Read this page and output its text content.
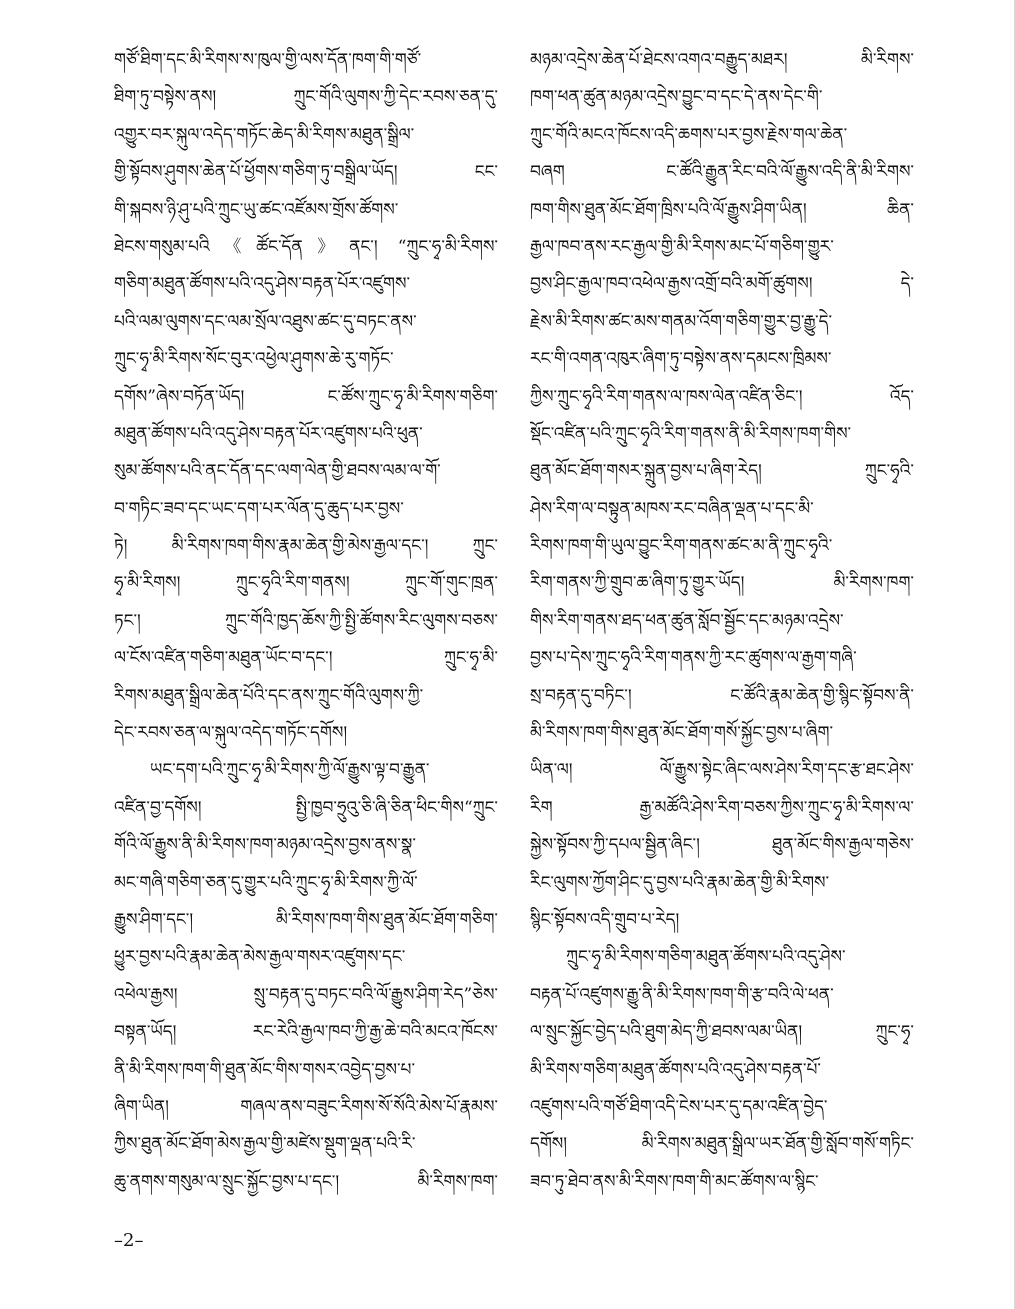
གཙོ་ཐིག་དང་མི་རིགས་ས་ཁུལ་གྱི་ལས་དོན་ཁག་གི་གཙོ་
ཐིག་ཏུ་བསྟེས་ནས། ཀྲུང་གོའི་ལུགས་ཀྱི་དེང་རབས་ཅན་དུ་
འགྱུར་བར་སྐུལ་འདེད་གཏོང་ཆེད་མི་རིགས་མཐུན་སྒྲིལ་
གྱི་སྟོབས་ཤུགས་ཆེན་པོ་ཕྱོགས་གཅིག་ཏུ་བསྒྲིལ་ཡོད། ངང་
གི་སྐབས་ཉི་ཤུ་པའི་ཀྲུང་ཡུ་ཚང་འཛོམས་གྲོས་ཚོགས་
ཐེངས་གསུམ་པའི《ཚོང་དོན》ནང་། “ཀྲུང་ཧྭ་མི་རིགས་
གཅིག་མཐུན་ཚོགས་པའི་འདུ་ཤེས་བརྟན་པོར་འཛུགས་
པའི་ལམ་ལུགས་དང་ལམ་སྲོལ་འཐུས་ཚང་དུ་བཏང་ནས་
ཀྲུང་ཧྭ་མི་རིགས་སོང་བུར་འཕྱེལ་ཤུགས་ཆེ་རུ་གཏོང་
དགོས”ཞེས་བཏོན་ཡོད། ང་ཚོས་ཀྲུང་ཧྭ་མི་རིགས་གཅིག་
མཐུན་ཚོགས་པའི་འདུ་ཤེས་བརྟན་པོར་འཛུགས་པའི་ཕུན་
སུམ་ཚོགས་པའི་ནང་དོན་དང་ལག་ལེན་གྱི་ཐབས་ལམ་ལ་གོ་
བ་གཏིང་ཟབ་དང་ཡང་དག་པར་ལོན་དུ་ཆུད་པར་བྱས་
ཏེ། མི་རིགས་ཁག་གིས་རྣམ་ཆེན་གྱི་མེས་རྒྱལ་དང་། ཀྲུང་
ཧྭ་མི་རིགས། ཀྲུང་ཧྭའི་རིག་གནས། ཀྲུང་གོ་གུང་ཁྲན་
ཏང་། ཀྲུང་གོའི་ཁྱད་ཆོས་ཀྱི་སྤྱི་ཚོགས་རིང་ལུགས་བཅས་
ལ་ངོས་འཛིན་གཅིག་མཐུན་ཡོང་བ་དང་། ཀྲུང་ཧྭ་མི་
རིགས་མཐུན་སྒྲིལ་ཆེན་པོའི་དང་ནས་ཀྲུང་གོའི་ལུགས་ཀྱི་
དེང་རབས་ཅན་ལ་སྐུལ་འདེད་གཏོང་དགོས།
ཡང་དག་པའི་ཀྲུང་ཧྭ་མི་རིགས་ཀྱི་ལོ་རྒྱུས་ལྟ་བ་རྒྱུན་
འཛིན་བྱ་དགོས། སྤྱི་ཁྱབ་ཧྲུའུ་ཅི་ཞི་ཅིན་ཕིང་གིས“ཀྲུང་
གོའི་ལོ་རྒྱུས་ནི་མི་རིགས་ཁག་མཉམ་འདྲེས་བྱས་ནས་སྣ་
མང་གཞི་གཅིག་ཅན་དུ་གྱུར་པའི་ཀྲུང་ཧྭ་མི་རིགས་ཀྱི་ལོ་
རྒྱུས་ཤིག་དང་། མི་རིགས་ཁག་གིས་ཐུན་མོང་ཐོག་གཅིག་
ཕྱུར་བྱས་པའི་རྣམ་ཆེན་མེས་རྒྱལ་གསར་འཛུགས་དང་
འཕེལ་རྒྱས། སྲུ་བརྟན་དུ་བཏང་བའི་ལོ་རྒྱུས་ཤིག་རེད”ཅེས་
བསྟན་ཡོད། རང་རེའི་རྒྱལ་ཁབ་ཀྱི་རྒྱ་ཆེ་བའི་མངའ་ཁོངས་
ནི་མི་རིགས་ཁག་གི་ཐུན་མོང་གིས་གསར་འབྱེད་བྱས་པ་
ཞིག་ཡིན། གཞལ་ནས་བཟུང་རིགས་སོ་སོའི་མེས་པོ་རྣམས་
ཀྱིས་ཐུན་མོང་ཐོག་མེས་རྒྱལ་གྱི་མཛེས་སྡུག་ལྡན་པའི་རི་
ཆུ་ནགས་གསུམ་ལ་སྲུང་སྐྱོང་བྱས་པ་དང་། མི་རིགས་ཁག་
མཉམ་འདྲེས་ཆེན་པོ་ཐེངས་འགའ་བརྒྱུད་མཐར། མི་རིགས་
ཁག་ཕན་ཚུན་མཉམ་འདྲེས་བྱུང་བ་དང་དེ་ནས་དེང་གི་
ཀྲུང་གོའི་མངའ་ཁོངས་འདི་ཆགས་པར་བྱས་རྗེས་གལ་ཆེན་
བཞག ང་ཚོའི་རྒྱུན་རིང་བའི་ལོ་རྒྱུས་འདི་ནི་མི་རིགས་
ཁག་གིས་ཐུན་མོང་ཐོག་ཁྲིས་པའི་ལོ་རྒྱུས་ཤིག་ཡིན། ཆིན་
རྒྱལ་ཁབ་ནས་རང་རྒྱལ་གྱི་མི་རིགས་མང་པོ་གཅིག་གྱུར་
བྱས་ཤིང་རྒྱལ་ཁབ་འཕེལ་རྒྱས་འགྲོ་བའི་མགོ་ཚུགས། དེ་
རྗེས་མི་རིགས་ཚང་མས་གནམ་འོག་གཅིག་གྱུར་བྱ་རྒྱུ་དེ་
རང་གི་འགན་འཁུར་ཞིག་ཏུ་བསྟེས་ནས་དམངས་ཁྲིམས་
ཀྱིས་ཀྲུང་ཧྭའི་རིག་གནས་ལ་ཁས་ལེན་འཛིན་ཅིང་། འོད་
སྡོང་འཛིན་པའི་ཀྲུང་ཧྭའི་རིག་གནས་ནི་མི་རིགས་ཁག་གིས་
ཐུན་མོང་ཐོག་གསར་སྐྲུན་བྱས་པ་ཞིག་རེད། ཀྲུང་ཧྭའི་
ཤེས་རིག་ལ་བསྟུན་མཁས་རང་བཞིན་ལྡན་པ་དང་མི་
རིགས་ཁག་གི་ཡུལ་བྱུང་རིག་གནས་ཚང་མ་ནི་ཀྲུང་ཧྭའི་
རིག་གནས་ཀྱི་གྲུབ་ཆ་ཞིག་ཏུ་གྱུར་ཡོད། མི་རིགས་ཁག་
གིས་རིག་གནས་ཐད་ཕན་ཚུན་སློབ་སྦྱོང་དང་མཉམ་འདྲེས་
བྱས་པ་དེས་ཀྲུང་ཧྭའི་རིག་གནས་ཀྱི་རང་ཚུགས་ལ་རྒྱག་གཞི་
སྲ་བརྟན་དུ་བཏིང་། ང་ཚོའི་རྣམ་ཆེན་གྱི་སྙིང་སྟོབས་ནི་
མི་རིགས་ཁག་གིས་ཐུན་མོང་ཐོག་གསོ་སྐྱོང་བྱས་པ་ཞིག་
ཡིན་ལ། ལོ་རྒྱུས་སྟེང་ཞིང་ལས་ཤེས་རིག་དང་རྩ་ཐང་ཤེས་
རིག རྒྱ་མཚོའི་ཤེས་རིག་བཅས་ཀྱིས་ཀྲུང་ཧྭ་མི་རིགས་ལ་
སྐྱེས་སྟོབས་ཀྱི་དཔལ་སྦྱིན་ཞིང་། ཐུན་མོང་གིས་རྒྱལ་གཅེས་
རིང་ལུགས་ཀྱོག་ཤིང་དུ་བྱས་པའི་རྣམ་ཆེན་གྱི་མི་རིགས་
སྙིང་སྟོབས་འདི་གྲུབ་པ་རེད།
ཀྲུང་ཧྭ་མི་རིགས་གཅིག་མཐུན་ཚོགས་པའི་འདུ་ཤེས་
བརྟན་པོ་འཛུགས་རྒྱུ་ནི་མི་རིགས་ཁག་གི་རྩ་བའི་ལེ་ཕན་
ལ་སྲུང་སྐྱོང་བྱེད་པའི་ཐུག་མེད་ཀྱི་ཐབས་ལམ་ཡིན། ཀྲུང་ཧྭ་
མི་རིགས་གཅིག་མཐུན་ཚོགས་པའི་འདུ་ཤེས་བརྟན་པོ་
འཛུགས་པའི་གཙོ་ཐིག་འདི་ངེས་པར་དུ་དམ་འཛིན་བྱེད་
དགོས། མི་རིགས་མཐུན་སྒྲིལ་ཡར་ཐོན་གྱི་སློབ་གསོ་གཏིང་
ཟབ་ཏུ་ཐེབ་ནས་མི་རིགས་ཁག་གི་མང་ཚོགས་ལ་སྙིང་
–2–
